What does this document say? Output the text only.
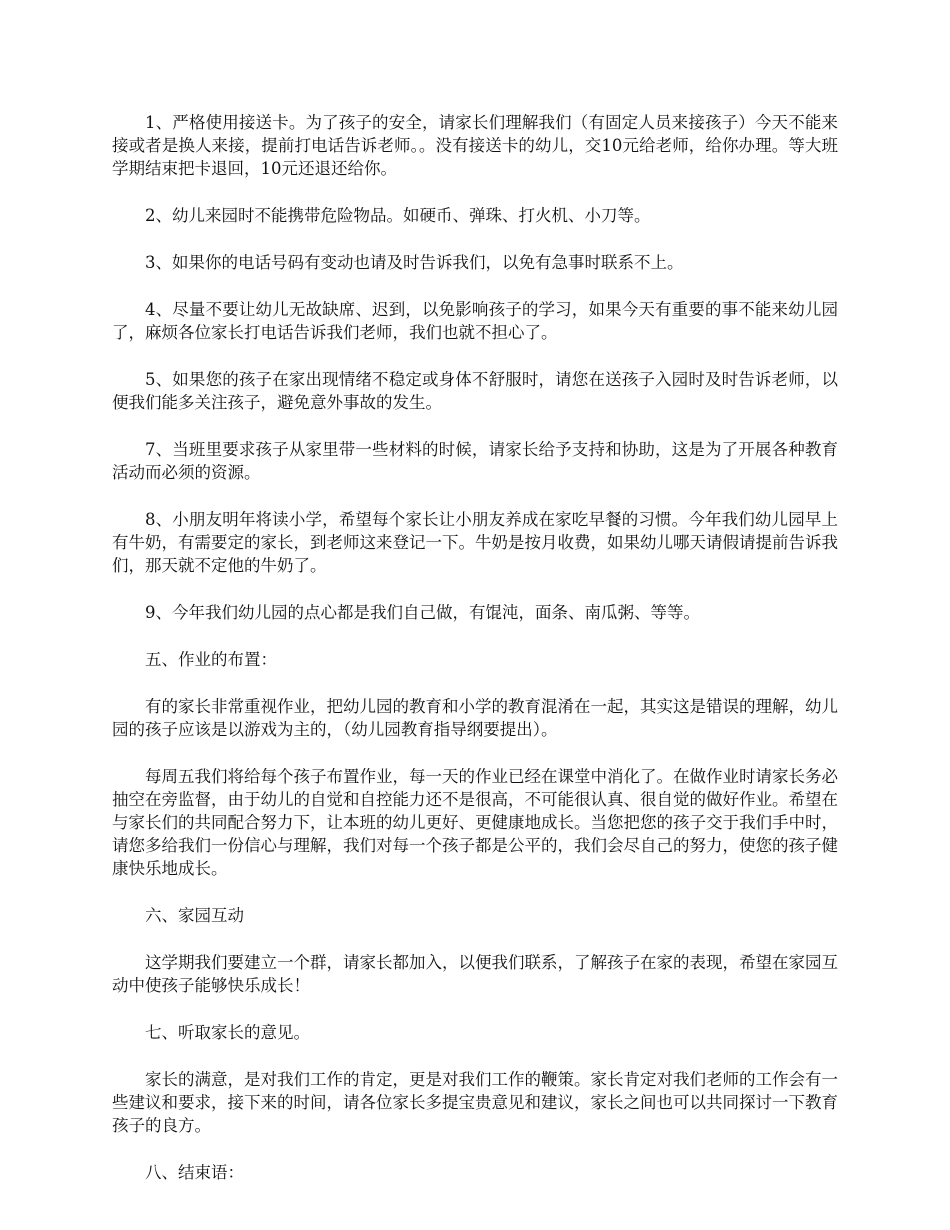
1、严格使用接送卡。为了孩子的安全，请家长们理解我们（有固定人员来接孩子）今天不能来接或者是换人来接，提前打电话告诉老师。。没有接送卡的幼儿，交10元给老师，给你办理。等大班学期结束把卡退回，10元还退还给你。

2、幼儿来园时不能携带危险物品。如硬币、弹珠、打火机、小刀等。

3、如果你的电话号码有变动也请及时告诉我们，以免有急事时联系不上。

4、尽量不要让幼儿无故缺席、迟到，以免影响孩子的学习，如果今天有重要的事不能来幼儿园了，麻烦各位家长打电话告诉我们老师，我们也就不担心了。

5、如果您的孩子在家出现情绪不稳定或身体不舒服时，请您在送孩子入园时及时告诉老师，以便我们能多关注孩子，避免意外事故的发生。

7、当班里要求孩子从家里带一些材料的时候，请家长给予支持和协助，这是为了开展各种教育活动而必须的资源。

8、小朋友明年将读小学，希望每个家长让小朋友养成在家吃早餐的习惯。今年我们幼儿园早上有牛奶，有需要定的家长，到老师这来登记一下。牛奶是按月收费，如果幼儿哪天请假请提前告诉我们，那天就不定他的牛奶了。

9、今年我们幼儿园的点心都是我们自己做，有馄沌，面条、南瓜粥、等等。

五、作业的布置：

有的家长非常重视作业，把幼儿园的教育和小学的教育混淆在一起，其实这是错误的理解，幼儿园的孩子应该是以游戏为主的，（幼儿园教育指导纲要提出）。

每周五我们将给每个孩子布置作业，每一天的作业已经在课堂中消化了。在做作业时请家长务必抽空在旁监督，由于幼儿的自觉和自控能力还不是很高，不可能很认真、很自觉的做好作业。希望在与家长们的共同配合努力下，让本班的幼儿更好、更健康地成长。当您把您的孩子交于我们手中时，请您多给我们一份信心与理解，我们对每一个孩子都是公平的，我们会尽自己的努力，使您的孩子健康快乐地成长。

六、家园互动

这学期我们要建立一个群，请家长都加入，以便我们联系，了解孩子在家的表现，希望在家园互动中使孩子能够快乐成长！

七、听取家长的意见。

家长的满意，是对我们工作的肯定，更是对我们工作的鞭策。家长肯定对我们老师的工作会有一些建议和要求，接下来的时间，请各位家长多提宝贵意见和建议，家长之间也可以共同探讨一下教育孩子的良方。

八、结束语：
